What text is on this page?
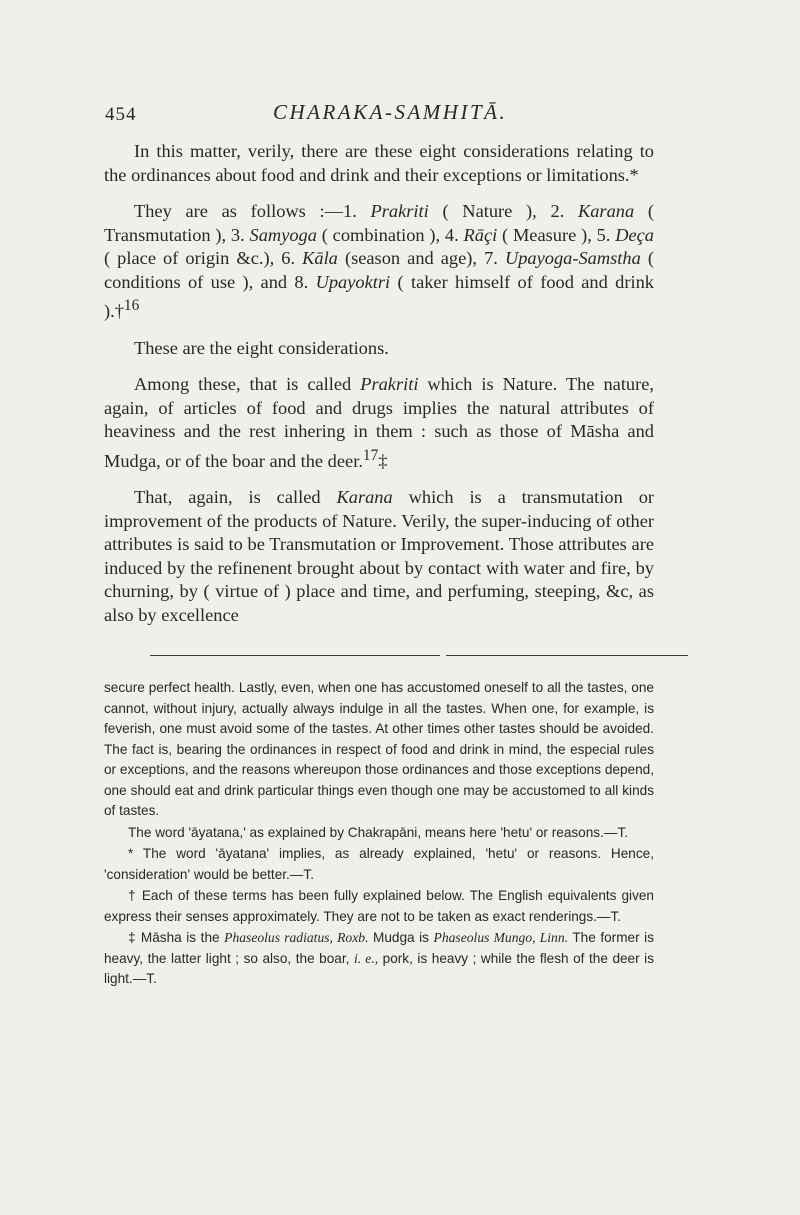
454	CHARAKA-SAMHITĀ.

In this matter, verily, there are these eight considerations relating to the ordinances about food and drink and their exceptions or limitations.*

They are as follows :—1. Prakriti ( Nature ), 2. Karana ( Transmutation ), 3. Samyoga ( combination ), 4. Rāçi ( Measure ), 5. Deça ( place of origin &c.), 6. Kāla (season and age), 7. Upayoga-Samstha ( conditions of use ), and 8. Upayoktri ( taker himself of food and drink ).†$^{16}$

These are the eight considerations.

Among these, that is called Prakriti which is Nature. The nature, again, of articles of food and drugs implies the natural attributes of heaviness and the rest inhering in them : such as those of Māsha and Mudga, or of the boar and the deer.$^{17}$‡

That, again, is called Karana which is a transmutation or improvement of the products of Nature. Verily, the super-inducing of other attributes is said to be Transmutation or Improvement. Those attributes are induced by the refinenent brought about by contact with water and fire, by churning, by ( virtue of ) place and time, and perfuming, steeping, &c, as also by excellence

secure perfect health. Lastly, even, when one has accustomed oneself to all the tastes, one cannot, without injury, actually always indulge in all the tastes. When one, for example, is feverish, one must avoid some of the tastes. At other times other tastes should be avoided. The fact is, bearing the ordinances in respect of food and drink in mind, the especial rules or exceptions, and the reasons whereupon those ordinances and those exceptions depend, one should eat and drink particular things even though one may be accustomed to all kinds of tastes.

The word 'āyatana,' as explained by Chakrapāni, means here 'hetu' or reasons.—T.

* The word 'āyatana' implies, as already explained, 'hetu' or reasons. Hence, 'consideration' would be better.—T.

† Each of these terms has been fully explained below. The English equivalents given express their senses approximately. They are not to be taken as exact renderings.—T.

‡ Māsha is the Phaseolus radiatus, Roxb. Mudga is Phaseolus Mungo, Linn. The former is heavy, the latter light ; so also, the boar, i. e., pork, is heavy ; while the flesh of the deer is light.—T.
